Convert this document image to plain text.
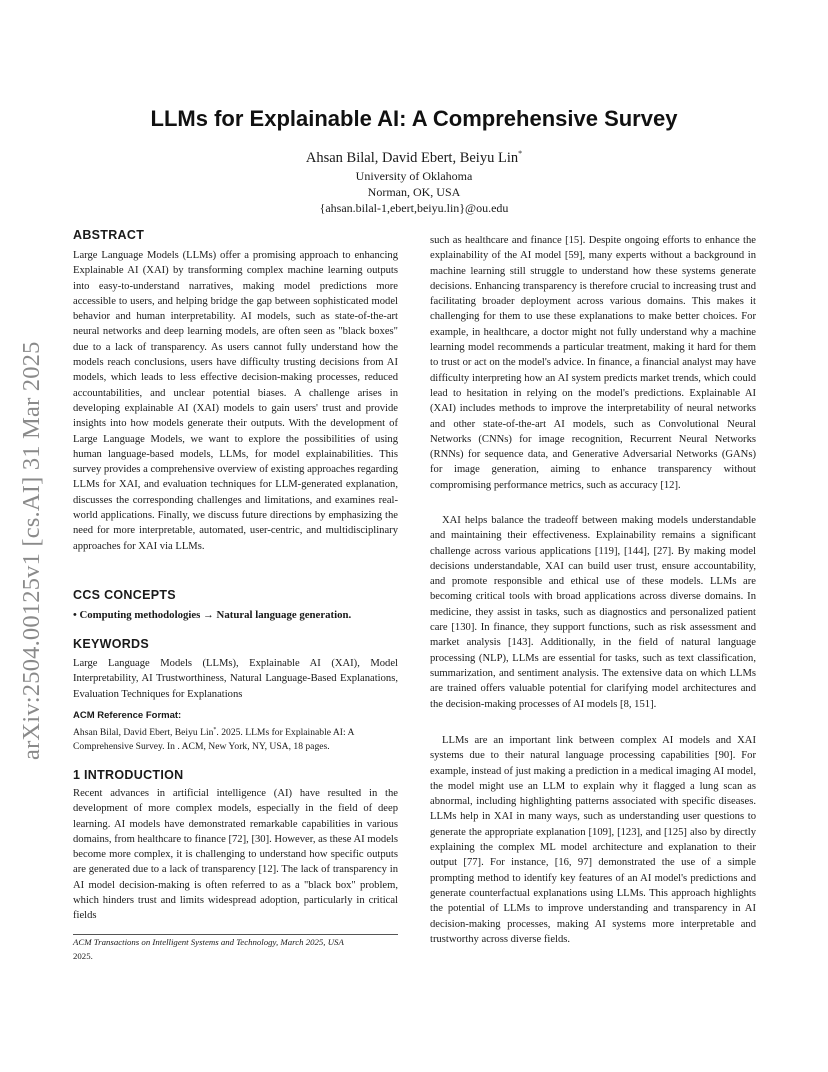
arXiv:2504.00125v1 [cs.AI] 31 Mar 2025
LLMs for Explainable AI: A Comprehensive Survey
Ahsan Bilal, David Ebert, Beiyu Lin*
University of Oklahoma
Norman, OK, USA
{ahsan.bilal-1,ebert,beiyu.lin}@ou.edu
ABSTRACT
Large Language Models (LLMs) offer a promising approach to enhancing Explainable AI (XAI) by transforming complex machine learning outputs into easy-to-understand narratives, making model predictions more accessible to users, and helping bridge the gap between sophisticated model behavior and human interpretability. AI models, such as state-of-the-art neural networks and deep learning models, are often seen as "black boxes" due to a lack of transparency. As users cannot fully understand how the models reach conclusions, users have difficulty trusting decisions from AI models, which leads to less effective decision-making processes, reduced accountabilities, and unclear potential biases. A challenge arises in developing explainable AI (XAI) models to gain users' trust and provide insights into how models generate their outputs. With the development of Large Language Models, we want to explore the possibilities of using human language-based models, LLMs, for model explainabilities. This survey provides a comprehensive overview of existing approaches regarding LLMs for XAI, and evaluation techniques for LLM-generated explanation, discusses the corresponding challenges and limitations, and examines real-world applications. Finally, we discuss future directions by emphasizing the need for more interpretable, automated, user-centric, and multidisciplinary approaches for XAI via LLMs.
CCS CONCEPTS
• Computing methodologies → Natural language generation.
KEYWORDS
Large Language Models (LLMs), Explainable AI (XAI), Model Interpretability, AI Trustworthiness, Natural Language-Based Explanations, Evaluation Techniques for Explanations
ACM Reference Format:
Ahsan Bilal, David Ebert, Beiyu Lin*. 2025. LLMs for Explainable AI: A Comprehensive Survey. In . ACM, New York, NY, USA, 18 pages.
1 INTRODUCTION
Recent advances in artificial intelligence (AI) have resulted in the development of more complex models, especially in the field of deep learning. AI models have demonstrated remarkable capabilities in various domains, from healthcare to finance [72], [30]. However, as these AI models become more complex, it is challenging to understand how specific outputs are generated due to a lack of transparency [12]. The lack of transparency in AI model decision-making is often referred to as a "black box" problem, which hinders trust and limits widespread adoption, particularly in critical fields
ACM Transactions on Intelligent Systems and Technology, March 2025, USA
2025.
such as healthcare and finance [15]. Despite ongoing efforts to enhance the explainability of the AI model [59], many experts without a background in machine learning still struggle to understand how these systems generate decisions. Enhancing transparency is therefore crucial to increasing trust and facilitating broader deployment across various domains. This makes it challenging for them to use these explanations to make better choices. For example, in healthcare, a doctor might not fully understand why a machine learning model recommends a particular treatment, making it hard for them to trust or act on the model's advice. In finance, a financial analyst may have difficulty interpreting how an AI system predicts market trends, which could lead to hesitation in relying on the model's predictions. Explainable AI (XAI) includes methods to improve the interpretability of neural networks and other state-of-the-art AI models, such as Convolutional Neural Networks (CNNs) for image recognition, Recurrent Neural Networks (RNNs) for sequence data, and Generative Adversarial Networks (GANs) for image generation, aiming to enhance transparency without compromising performance metrics, such as accuracy [12].
XAI helps balance the tradeoff between making models understandable and maintaining their effectiveness. Explainability remains a significant challenge across various applications [119], [144], [27]. By making model decisions understandable, XAI can build user trust, ensure accountability, and promote responsible and ethical use of these models. LLMs are becoming critical tools with broad applications across diverse domains. In medicine, they assist in tasks, such as diagnostics and personalized patient care [130]. In finance, they support functions, such as risk assessment and market analysis [143]. Additionally, in the field of natural language processing (NLP), LLMs are essential for tasks, such as text classification, summarization, and sentiment analysis. The extensive data on which LLMs are trained offers valuable potential for clarifying model architectures and the decision-making processes of AI models [8, 151].
LLMs are an important link between complex AI models and XAI systems due to their natural language processing capabilities [90]. For example, instead of just making a prediction in a medical imaging AI model, the model might use an LLM to explain why it flagged a lung scan as abnormal, including highlighting patterns associated with specific diseases. LLMs help in XAI in many ways, such as understanding user questions to generate the appropriate explanation [109], [123], and [125] also by directly explaining the complex ML model architecture and explanation to their output [77]. For instance, [16, 97] demonstrated the use of a simple prompting method to identify key features of an AI model's predictions and generate counterfactual explanations using LLMs. This approach highlights the potential of LLMs to improve understanding and transparency in AI decision-making processes, making AI systems more interpretable and trustworthy across diverse fields.
